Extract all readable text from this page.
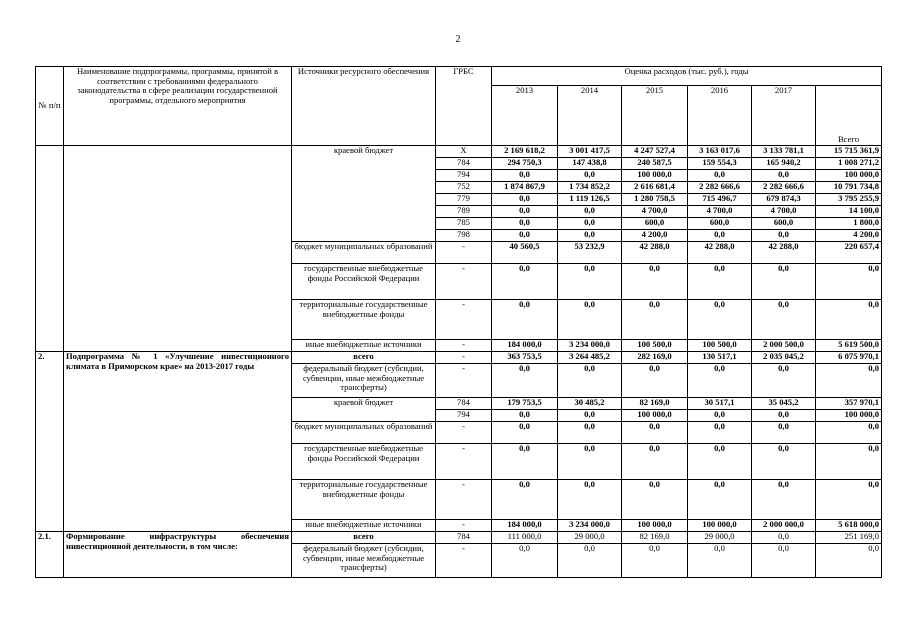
2
№ п/п	Наименование подпрограммы, программы, принятой в соответствии с требованиями федерального законодательства в сфере реализации государственной программы, отдельного мероприятия	Источники ресурсного обеспечения	ГРБС	Оценка расходов (тыс. руб.), годы					
				2013	2014	2015	2016	2017	Всего
		краевой бюджет	Х	2 169 618,2	3 001 417,5	4 247 527,4	3 163 017,6	3 133 781,1	15 715 361,9
			784	294 750,3	147 438,8	240 587,5	159 554,3	165 940,2	1 008 271,2
			794	0,0	0,0	100 000,0	0,0	0,0	100 000,0
			752	1 874 867,9	1 734 852,2	2 616 681,4	2 282 666,6	2 282 666,6	10 791 734,8
			779	0,0	1 119 126,5	1 280 758,5	715 496,7	679 874,3	3 795 255,9
			789	0,0	0,0	4 700,0	4 700,0	4 700,0	14 100,0
			785	0,0	0,0	600,0	600,0	600,0	1 800,0
			798	0,0	0,0	4 200,0	0,0	0,0	4 200,0
		бюджет муниципальных образований	-	40 560,5	53 232,9	42 288,0	42 288,0	42 288,0	220 657,4
		государственные внебюджетные фонды Российской Федерации	-	0,0	0,0	0,0	0,0	0,0	0,0
		территориальные государственные внебюджетные фонды	-	0,0	0,0	0,0	0,0	0,0	0,0
		иные внебюджетные источники	-	184 000,0	3 234 000,0	100 500,0	100 500,0	2 000 500,0	5 619 500,0
2.	Подпрограмма № 1 «Улучшение инвестиционного климата в Приморском крае» на 2013-2017 годы	всего	-	363 753,5	3 264 485,2	282 169,0	130 517,1	2 035 045,2	6 075 970,1
		федеральный бюджет (субсидии, субвенции, иные межбюджетные трансферты)	-	0,0	0,0	0,0	0,0	0,0	0,0
		краевой бюджет	784	179 753,5	30 485,2	82 169,0	30 517,1	35 045,2	357 970,1
			794	0,0	0,0	100 000,0	0,0	0,0	100 000,0
		бюджет муниципальных образований	-	0,0	0,0	0,0	0,0	0,0	0,0
		государственные внебюджетные фонды Российской Федерации	-	0,0	0,0	0,0	0,0	0,0	0,0
		территориальные государственные внебюджетные фонды	-	0,0	0,0	0,0	0,0	0,0	0,0
		иные внебюджетные источники	-	184 000,0	3 234 000,0	100 000,0	100 000,0	2 000 000,0	5 618 000,0
2.1.	Формирование инфраструктуры обеспечения инвестиционной деятельности, в том числе:	всего	784	111 000,0	29 000,0	82 169,0	29 000,0	0,0	251 169,0
		федеральный бюджет (субсидии, субвенции, иные межбюджетные трансферты)	-	0,0	0,0	0,0	0,0	0,0	0,0
